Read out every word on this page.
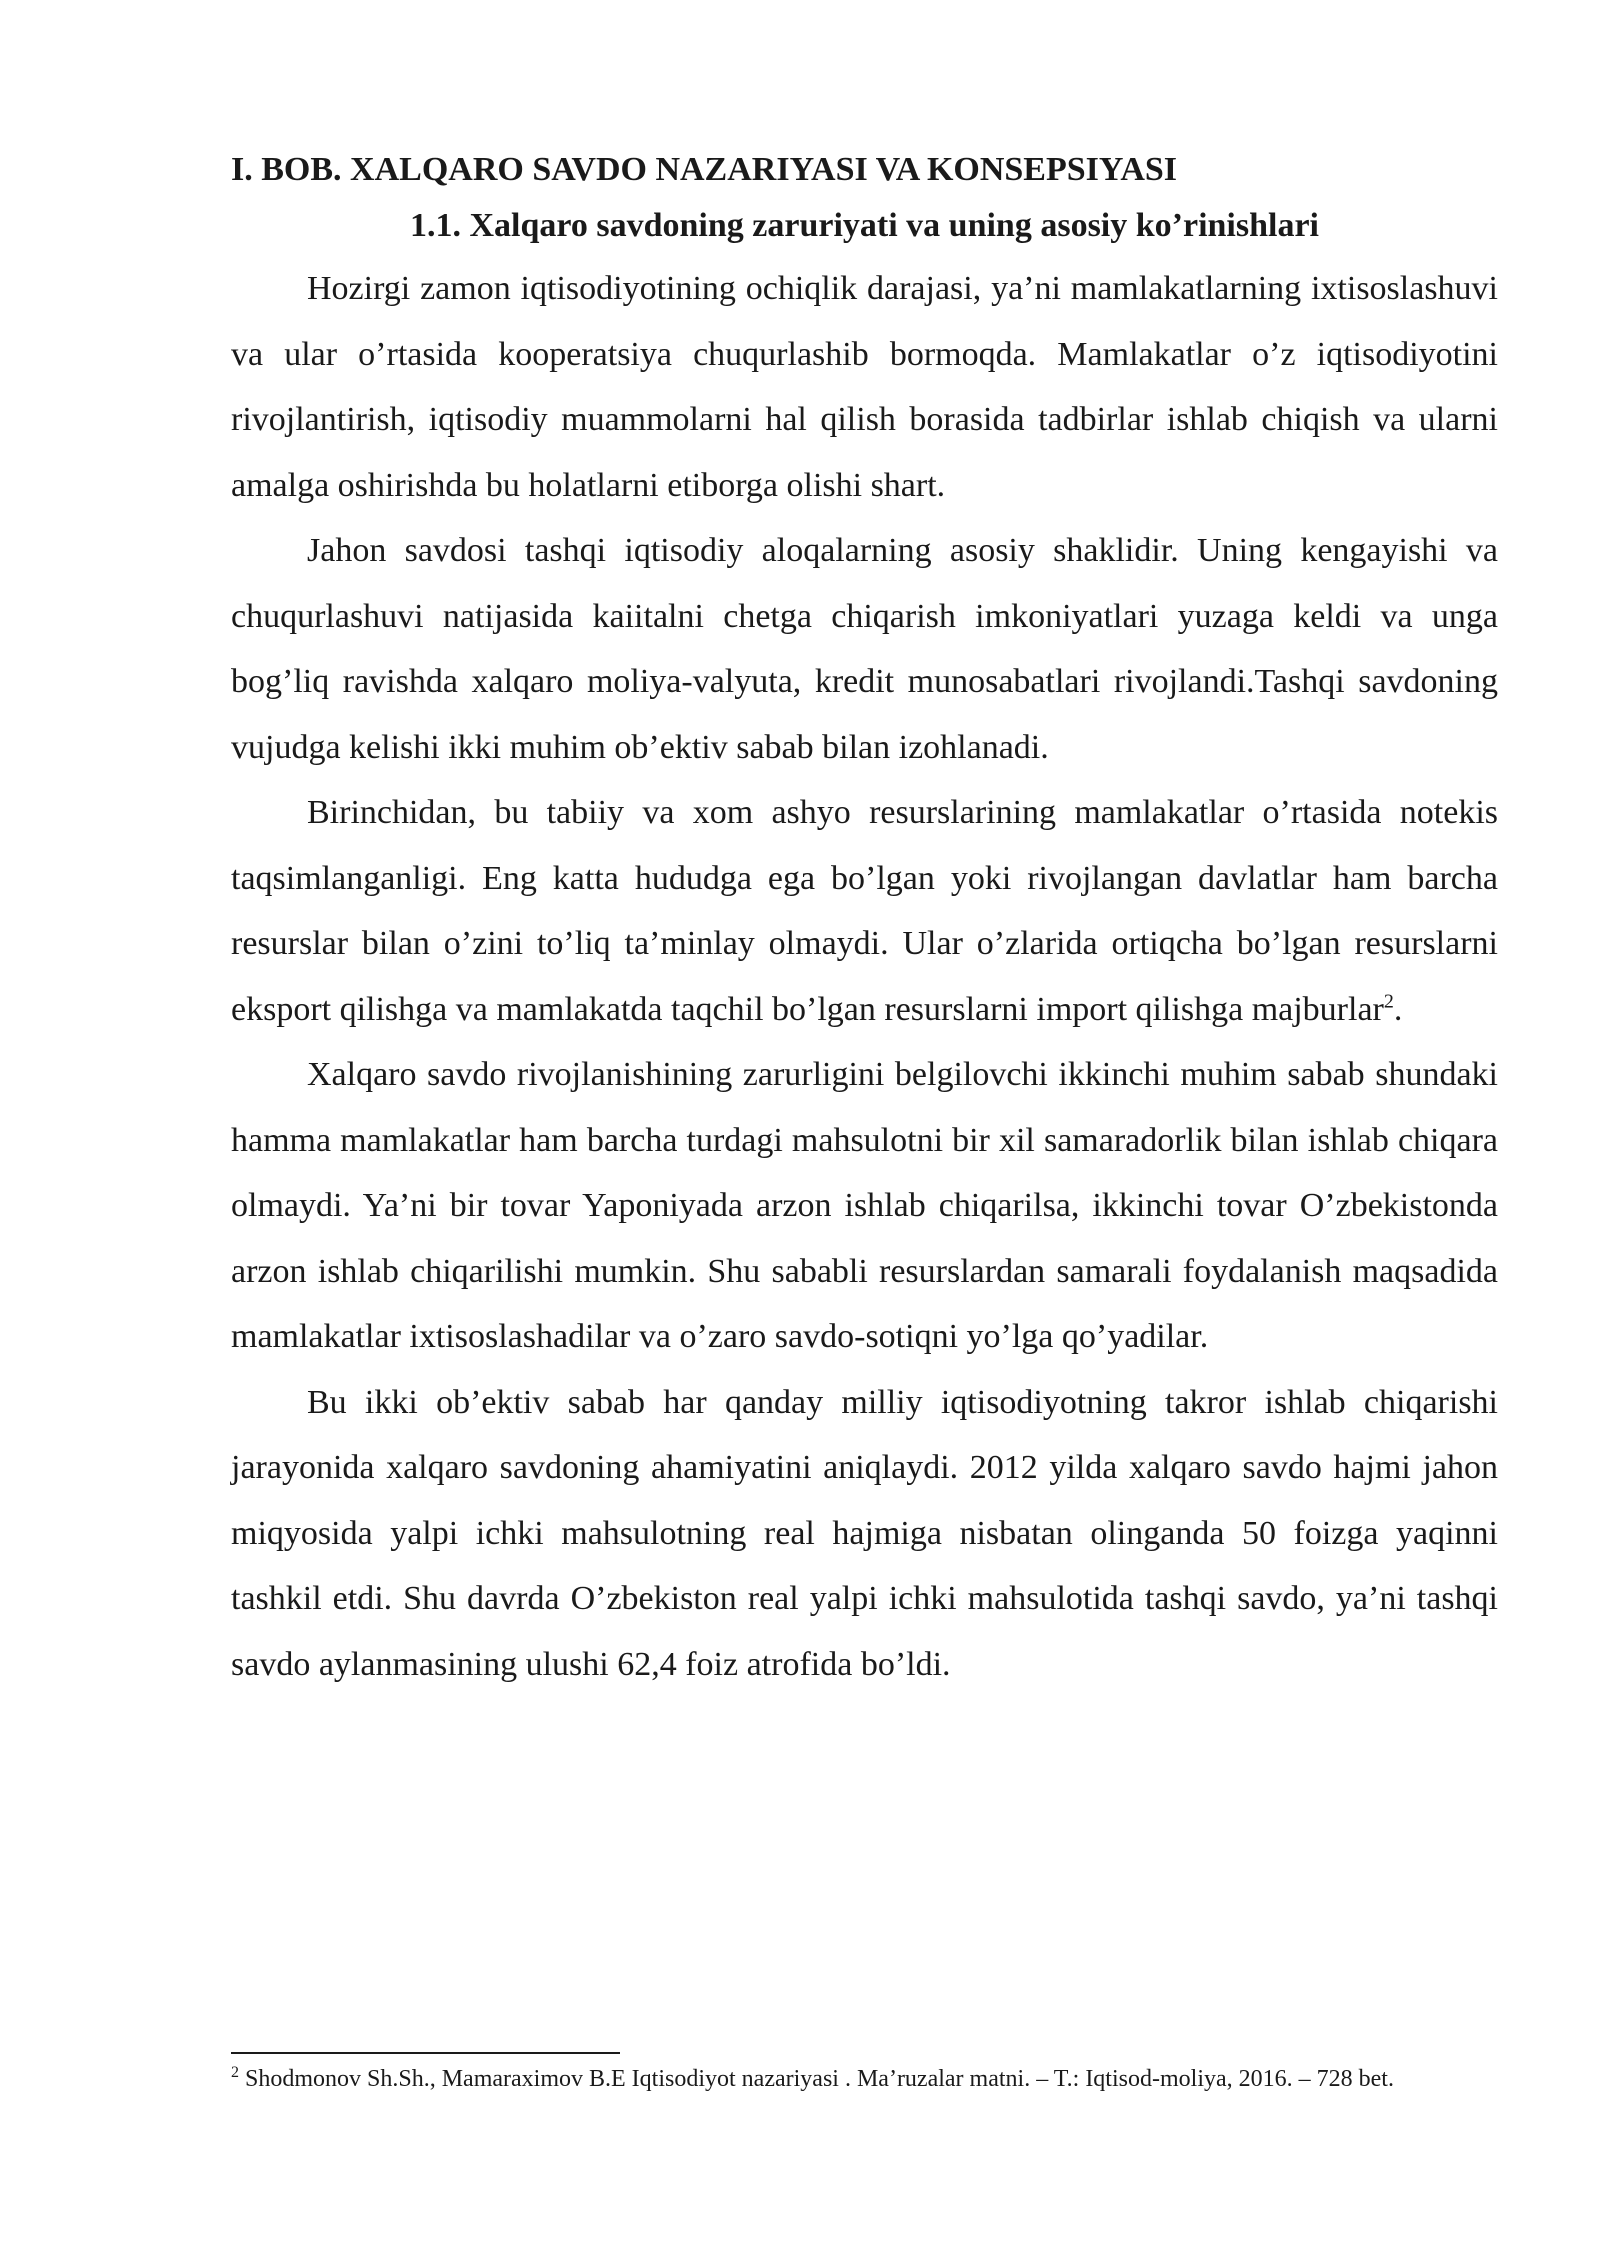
I. BOB. XALQARO SAVDO NAZARIYASI VA KONSEPSIYASI
1.1. Xalqaro savdoning zaruriyati va uning asosiy ko’rinishlari

Hozirgi zamon iqtisodiyotining ochiqlik darajasi, ya’ni mamlakatlarning ixtisoslashuvi va ular o’rtasida kooperatsiya chuqurlashib bormoqda. Mamlakatlar o’z iqtisodiyotini rivojlantirish, iqtisodiy muammolarni hal qilish borasida tadbirlar ishlab chiqish va ularni amalga oshirishda bu holatlarni etiborga olishi shart.

Jahon savdosi tashqi iqtisodiy aloqalarning asosiy shaklidir. Uning kengayishi va chuqurlashuvi natijasida kaiitalni chetga chiqarish imkoniyatlari yuzaga keldi va unga bog’liq ravishda xalqaro moliya-valyuta, kredit munosabatlari rivojlandi.Tashqi savdoning vujudga kelishi ikki muhim ob’ektiv sabab bilan izohlanadi.

Birinchidan, bu tabiiy va xom ashyo resurslarining mamlakatlar o’rtasida notekis taqsimlanganligi. Eng katta hududga ega bo’lgan yoki rivojlangan davlatlar ham barcha resurslar bilan o’zini to’liq ta’minlay olmaydi. Ular o’zlarida ortiqcha bo’lgan resurslarni eksport qilishga va mamlakatda taqchil bo’lgan resurslarni import qilishga majburlar$^2$.

Xalqaro savdo rivojlanishining zarurligini belgilovchi ikkinchi muhim sabab shundaki hamma mamlakatlar ham barcha turdagi mahsulotni bir xil samaradorlik bilan ishlab chiqara olmaydi. Ya’ni bir tovar Yaponiyada arzon ishlab chiqarilsa, ikkinchi tovar O’zbekistonda arzon ishlab chiqarilishi mumkin. Shu sababli resurslardan samarali foydalanish maqsadida mamlakatlar ixtisoslashadilar va o’zaro savdo-sotiqni yo’lga qo’yadilar.

Bu ikki ob’ektiv sabab har qanday milliy iqtisodiyotning takror ishlab chiqarishi jarayonida xalqaro savdoning ahamiyatini aniqlaydi. 2012 yilda xalqaro savdo hajmi jahon miqyosida yalpi ichki mahsulotning real hajmiga nisbatan olinganda 50 foizga yaqinni tashkil etdi. Shu davrda O’zbekiston real yalpi ichki mahsulotida tashqi savdo, ya’ni tashqi savdo aylanmasining ulushi 62,4 foiz atrofida bo’ldi.

$^2$ Shodmonov Sh.Sh., Mamaraximov B.E Iqtisodiyot nazariyasi . Ma’ruzalar matni. – T.: Iqtisod-moliya, 2016. – 728 bet.
